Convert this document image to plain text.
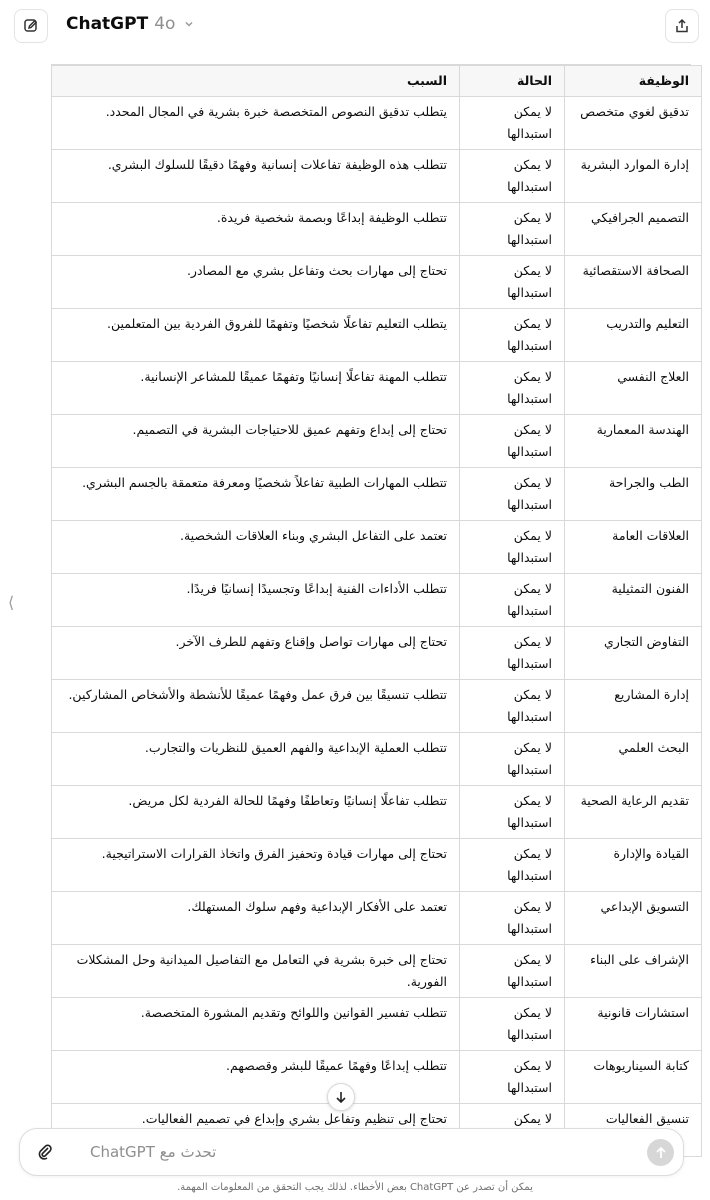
ChatGPT 4o
⟨
الوظيفة	الحالة	السبب
تدقيق لغوي متخصص	لا يمكن استبدالها	يتطلب تدقيق النصوص المتخصصة خبرة بشرية في المجال المحدد.
إدارة الموارد البشرية	لا يمكن استبدالها	تتطلب هذه الوظيفة تفاعلات إنسانية وفهمًا دقيقًا للسلوك البشري.
التصميم الجرافيكي	لا يمكن استبدالها	تتطلب الوظيفة إبداعًا وبصمة شخصية فريدة.
الصحافة الاستقصائية	لا يمكن استبدالها	تحتاج إلى مهارات بحث وتفاعل بشري مع المصادر.
التعليم والتدريب	لا يمكن استبدالها	يتطلب التعليم تفاعلًا شخصيًا وتفهمًا للفروق الفردية بين المتعلمين.
العلاج النفسي	لا يمكن استبدالها	تتطلب المهنة تفاعلًا إنسانيًا وتفهمًا عميقًا للمشاعر الإنسانية.
الهندسة المعمارية	لا يمكن استبدالها	تحتاج إلى إبداع وتفهم عميق للاحتياجات البشرية في التصميم.
الطب والجراحة	لا يمكن استبدالها	تتطلب المهارات الطبية تفاعلاً شخصيًا ومعرفة متعمقة بالجسم البشري.
العلاقات العامة	لا يمكن استبدالها	تعتمد على التفاعل البشري وبناء العلاقات الشخصية.
الفنون التمثيلية	لا يمكن استبدالها	تتطلب الأداءات الفنية إبداعًا وتجسيدًا إنسانيًا فريدًا.
التفاوض التجاري	لا يمكن استبدالها	تحتاج إلى مهارات تواصل وإقناع وتفهم للطرف الآخر.
إدارة المشاريع	لا يمكن استبدالها	تتطلب تنسيقًا بين فرق عمل وفهمًا عميقًا للأنشطة والأشخاص المشاركين.
البحث العلمي	لا يمكن استبدالها	تتطلب العملية الإبداعية والفهم العميق للنظريات والتجارب.
تقديم الرعاية الصحية	لا يمكن استبدالها	تتطلب تفاعلًا إنسانيًا وتعاطفًا وفهمًا للحالة الفردية لكل مريض.
القيادة والإدارة	لا يمكن استبدالها	تحتاج إلى مهارات قيادة وتحفيز الفرق واتخاذ القرارات الاستراتيجية.
التسويق الإبداعي	لا يمكن استبدالها	تعتمد على الأفكار الإبداعية وفهم سلوك المستهلك.
الإشراف على البناء	لا يمكن استبدالها	تحتاج إلى خبرة بشرية في التعامل مع التفاصيل الميدانية وحل المشكلات الفورية.
استشارات قانونية	لا يمكن استبدالها	تتطلب تفسير القوانين واللوائح وتقديم المشورة المتخصصة.
كتابة السيناريوهات	لا يمكن استبدالها	تتطلب إبداعًا وفهمًا عميقًا للبشر وقصصهم.
تنسيق الفعاليات	لا يمكن	تحتاج إلى تنظيم وتفاعل بشري وإبداع في تصميم الفعاليات.
تحدث مع ChatGPT
يمكن أن تصدر عن ChatGPT بعض الأخطاء. لذلك يجب التحقق من المعلومات المهمة.
